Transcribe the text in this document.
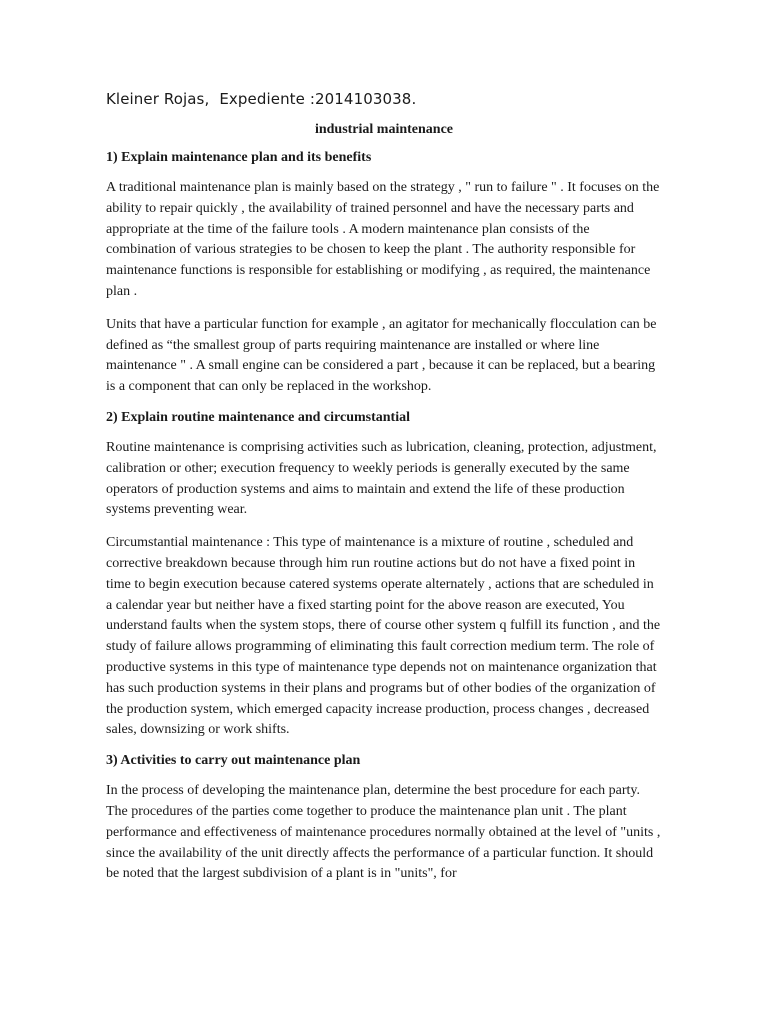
Kleiner Rojas, Expediente :2014103038.
industrial maintenance
1) Explain maintenance plan and its benefits

A traditional maintenance plan is mainly based on the strategy , " run to failure " . It focuses on the ability to repair quickly , the availability of trained personnel and have the necessary parts and appropriate at the time of the failure tools . A modern maintenance plan consists of the combination of various strategies to be chosen to keep the plant . The authority responsible for maintenance functions is responsible for establishing or modifying , as required, the maintenance plan .

Units that have a particular function for example , an agitator for mechanically flocculation can be defined as “the smallest group of parts requiring maintenance are installed or where line maintenance " . A small engine can be considered a part , because it can be replaced, but a bearing is a component that can only be replaced in the workshop.

2) Explain routine maintenance and circumstantial

Routine maintenance is comprising activities such as lubrication, cleaning, protection, adjustment, calibration or other; execution frequency to weekly periods is generally executed by the same operators of production systems and aims to maintain and extend the life of these production systems preventing wear.

Circumstantial maintenance : This type of maintenance is a mixture of routine , scheduled and corrective breakdown because through him run routine actions but do not have a fixed point in time to begin execution because catered systems operate alternately , actions that are scheduled in a calendar year but neither have a fixed starting point for the above reason are executed, You understand faults when the system stops, there of course other system q fulfill its function , and the study of failure allows programming of eliminating this fault correction medium term. The role of productive systems in this type of maintenance type depends not on maintenance organization that has such production systems in their plans and programs but of other bodies of the organization of the production system, which emerged capacity increase production, process changes , decreased sales, downsizing or work shifts.

3) Activities to carry out maintenance plan

In the process of developing the maintenance plan, determine the best procedure for each party. The procedures of the parties come together to produce the maintenance plan unit . The plant performance and effectiveness of maintenance procedures normally obtained at the level of "units , since the availability of the unit directly affects the performance of a particular function. It should be noted that the largest subdivision of a plant is in "units", for
